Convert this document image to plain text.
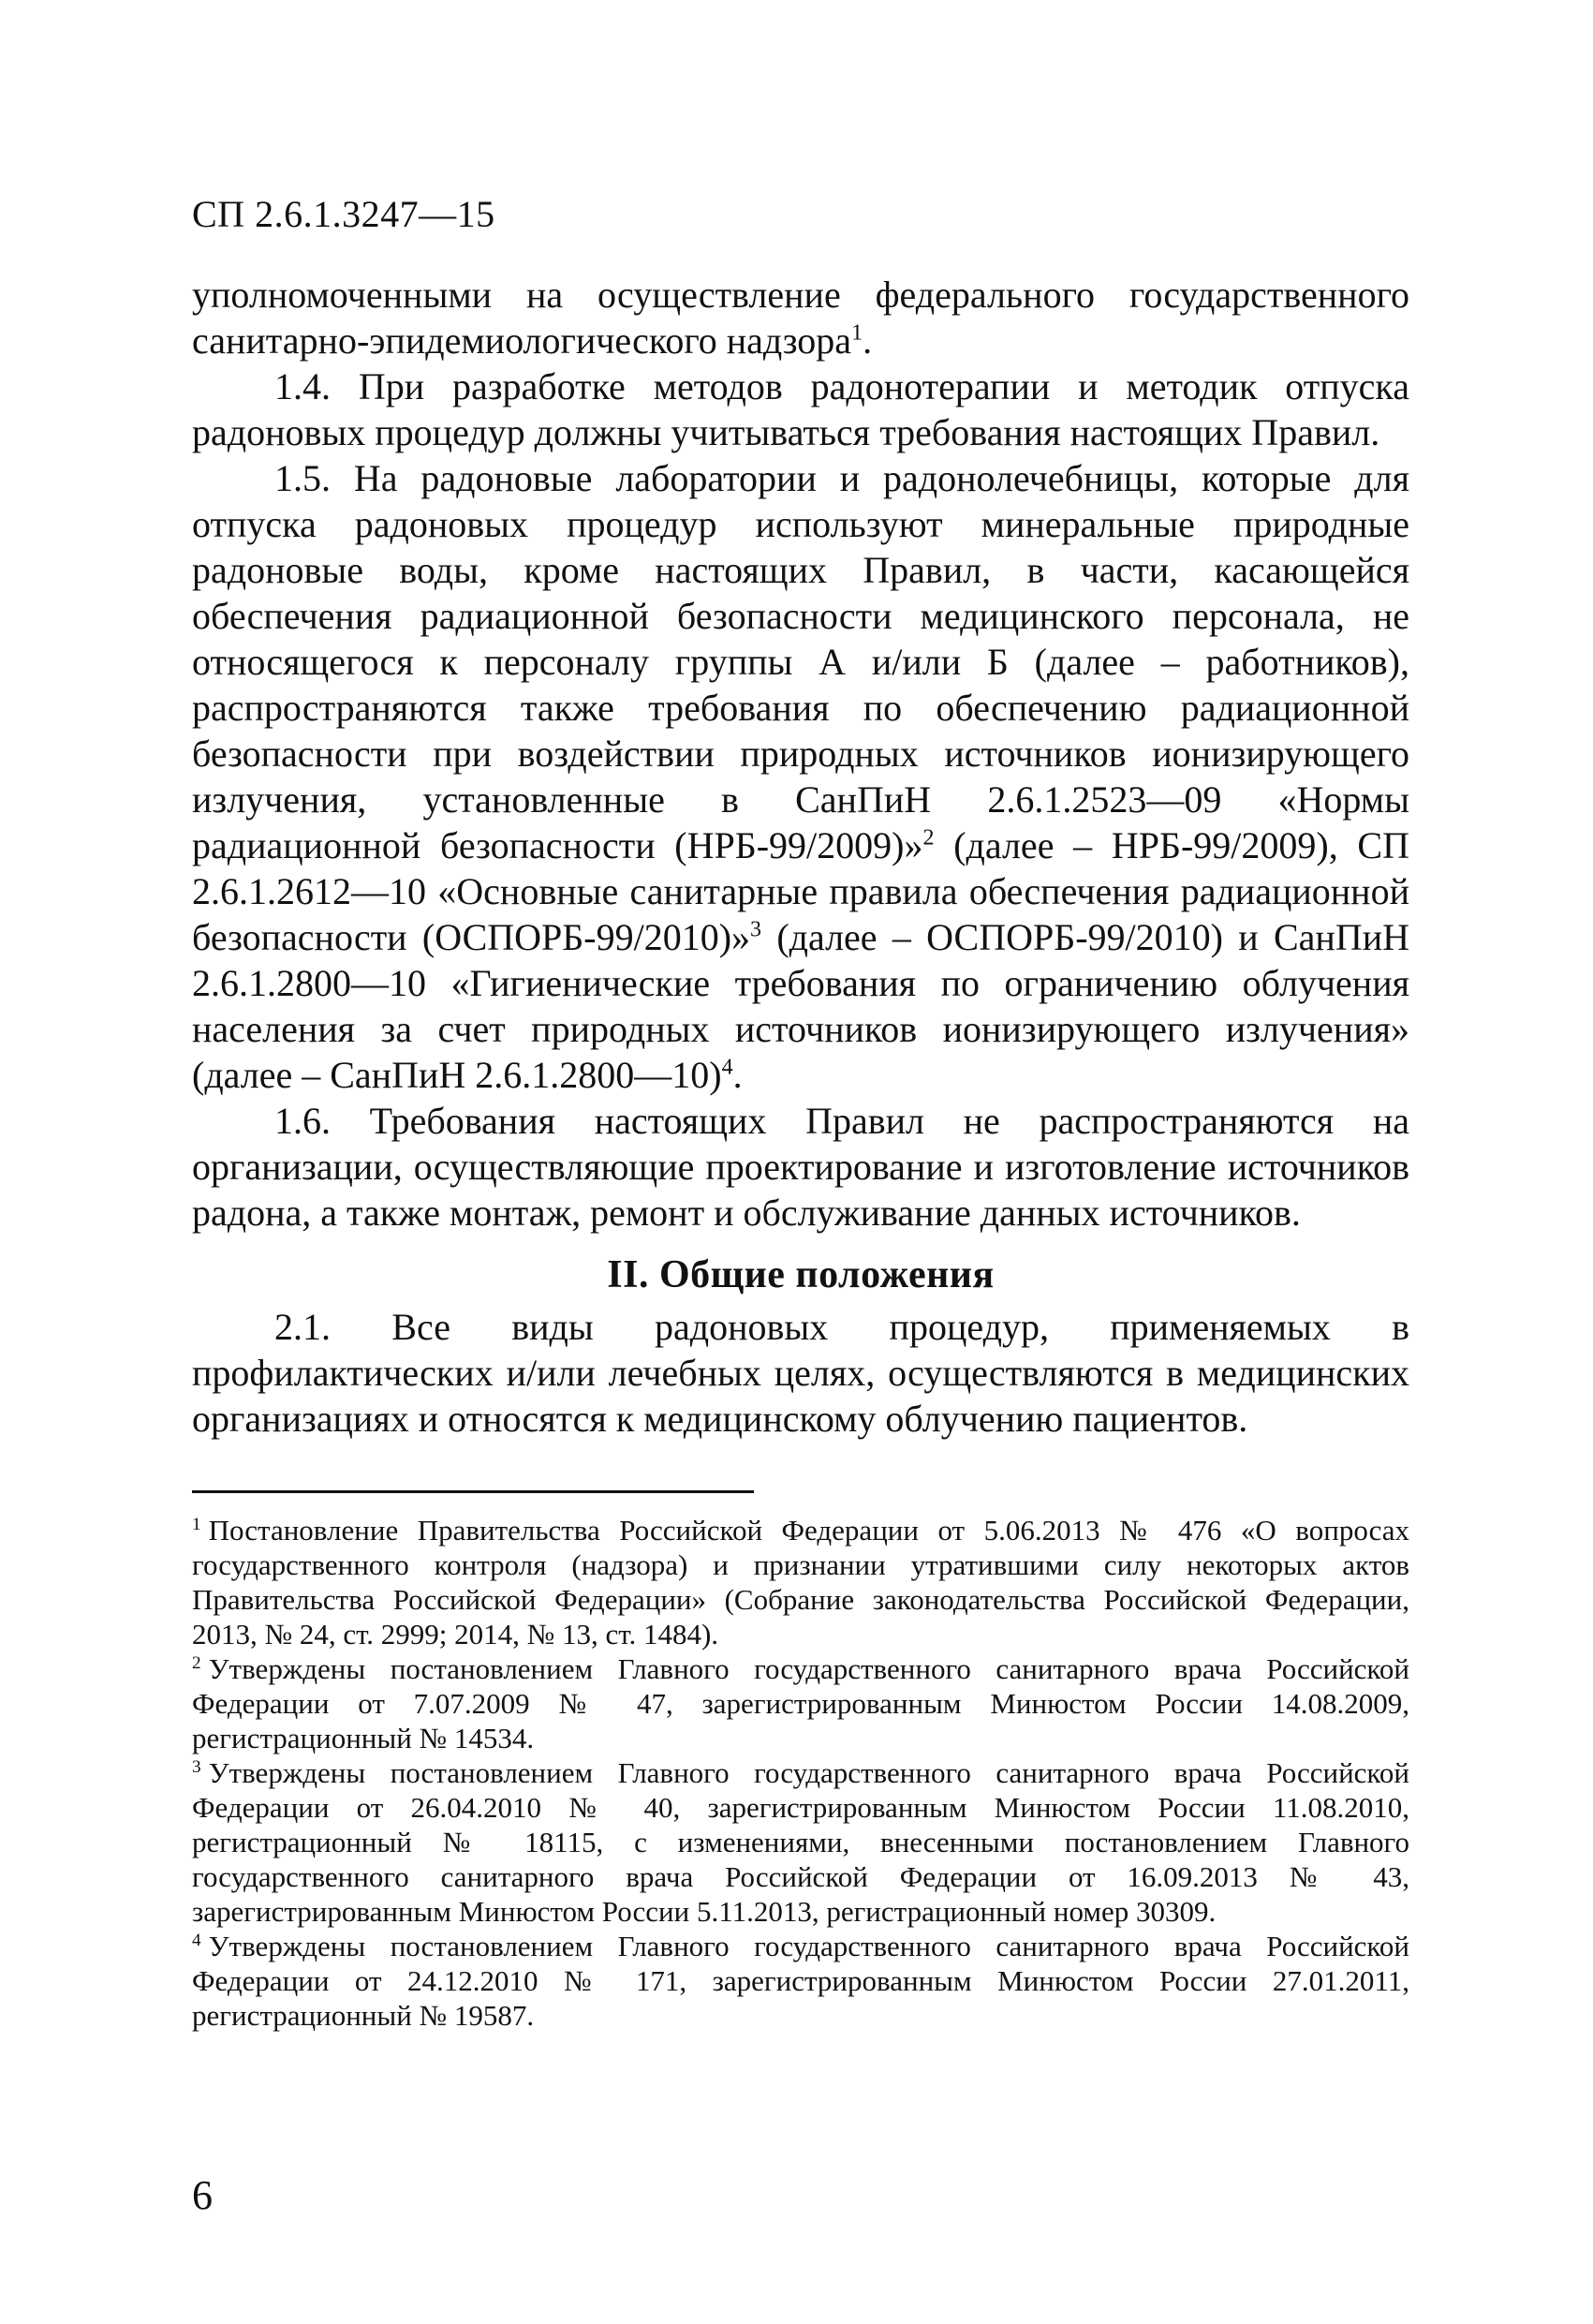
СП 2.6.1.3247—15

уполномоченными на осуществление федерального государственного санитарно-эпидемиологического надзора$^1$.

1.4. При разработке методов радонотерапии и методик отпуска радоновых процедур должны учитываться требования настоящих Правил.

1.5. На радоновые лаборатории и радонолечебницы, которые для отпуска радоновых процедур используют минеральные природные радоновые воды, кроме настоящих Правил, в части, касающейся обеспечения радиационной безопасности медицинского персонала, не относящегося к персоналу группы А и/или Б (далее – работников), распространяются также требования по обеспечению радиационной безопасности при воздействии природных источников ионизирующего излучения, установленные в СанПиН 2.6.1.2523—09 «Нормы радиационной безопасности (НРБ-99/2009)»$^2$ (далее – НРБ-99/2009), СП 2.6.1.2612—10 «Основные санитарные правила обеспечения радиационной безопасности (ОСПОРБ-99/2010)»$^3$ (далее – ОСПОРБ-99/2010) и СанПиН 2.6.1.2800—10 «Гигиенические требования по ограничению облучения населения за счет природных источников ионизирующего излучения» (далее – СанПиН 2.6.1.2800—10)$^4$.

1.6. Требования настоящих Правил не распространяются на организации, осуществляющие проектирование и изготовление источников радона, а также монтаж, ремонт и обслуживание данных источников.

II. Общие положения

2.1. Все виды радоновых процедур, применяемых в профилактических и/или лечебных целях, осуществляются в медицинских организациях и относятся к медицинскому облучению пациентов.

$^1$ Постановление Правительства Российской Федерации от 5.06.2013 № 476 «О вопросах государственного контроля (надзора) и признании утратившими силу некоторых актов Правительства Российской Федерации» (Собрание законодательства Российской Федерации, 2013, № 24, ст. 2999; 2014, № 13, ст. 1484).

$^2$ Утверждены постановлением Главного государственного санитарного врача Российской Федерации от 7.07.2009 № 47, зарегистрированным Минюстом России 14.08.2009, регистрационный № 14534.

$^3$ Утверждены постановлением Главного государственного санитарного врача Российской Федерации от 26.04.2010 № 40, зарегистрированным Минюстом России 11.08.2010, регистрационный № 18115, с изменениями, внесенными постановлением Главного государственного санитарного врача Российской Федерации от 16.09.2013 № 43, зарегистрированным Минюстом России 5.11.2013, регистрационный номер 30309.

$^4$ Утверждены постановлением Главного государственного санитарного врача Российской Федерации от 24.12.2010 № 171, зарегистрированным Минюстом России 27.01.2011, регистрационный № 19587.

6
